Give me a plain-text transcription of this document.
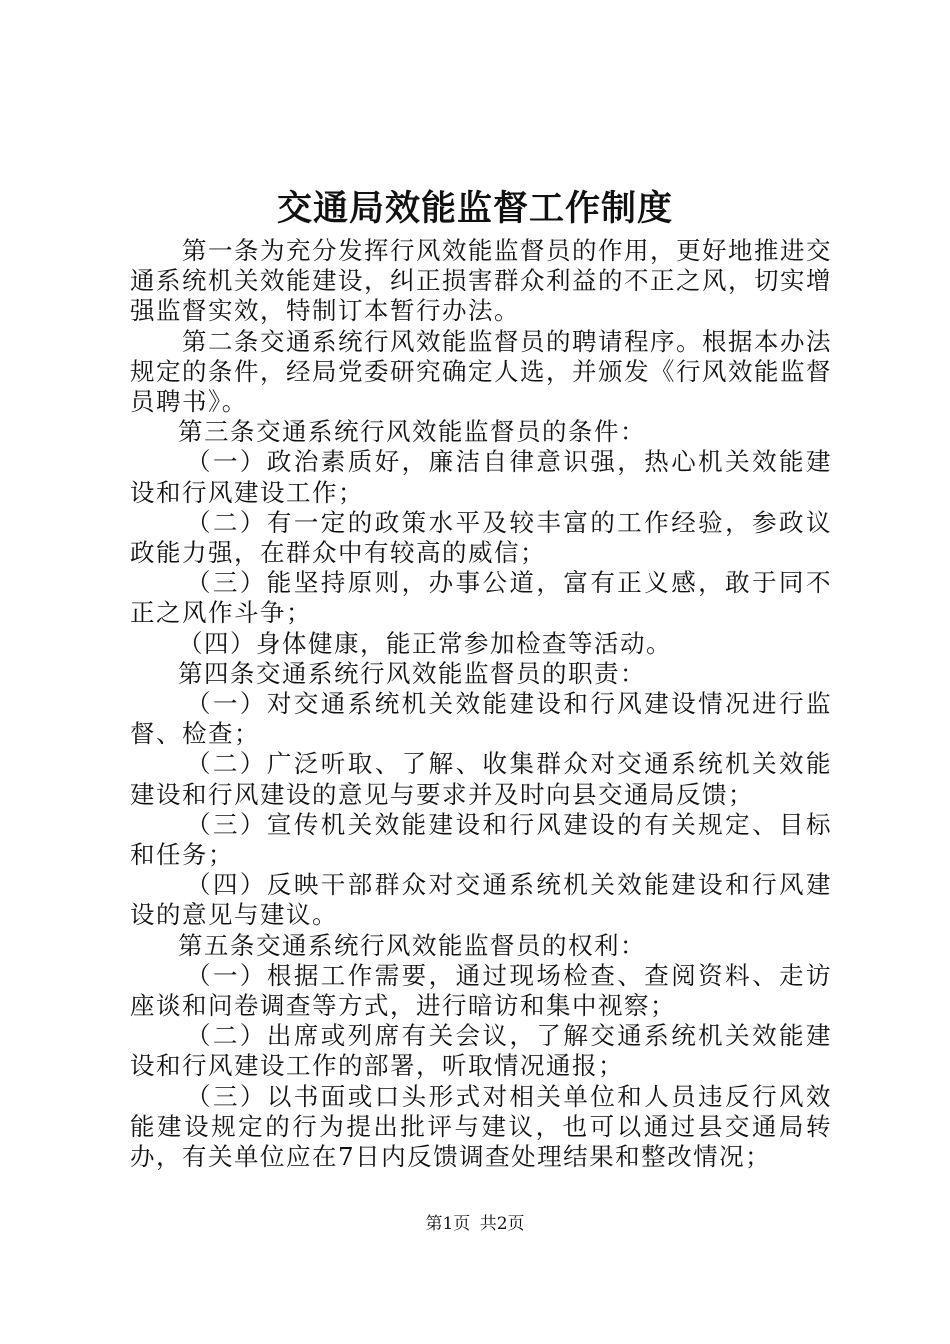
交通局效能监督工作制度

第一条为充分发挥行风效能监督员的作用，更好地推进交通系统机关效能建设，纠正损害群众利益的不正之风，切实增强监督实效，特制订本暂行办法。

第二条交通系统行风效能监督员的聘请程序。根据本办法规定的条件，经局党委研究确定人选，并颁发《行风效能监督员聘书》。

第三条交通系统行风效能监督员的条件：

（一）政治素质好，廉洁自律意识强，热心机关效能建设和行风建设工作；

（二）有一定的政策水平及较丰富的工作经验，参政议政能力强，在群众中有较高的威信；

（三）能坚持原则，办事公道，富有正义感，敢于同不正之风作斗争；

（四）身体健康，能正常参加检查等活动。

第四条交通系统行风效能监督员的职责：

（一）对交通系统机关效能建设和行风建设情况进行监督、检查；

（二）广泛听取、了解、收集群众对交通系统机关效能建设和行风建设的意见与要求并及时向县交通局反馈；

（三）宣传机关效能建设和行风建设的有关规定、目标和任务；

（四）反映干部群众对交通系统机关效能建设和行风建设的意见与建议。

第五条交通系统行风效能监督员的权利：

（一）根据工作需要，通过现场检查、查阅资料、走访座谈和问卷调查等方式，进行暗访和集中视察；

（二）出席或列席有关会议，了解交通系统机关效能建设和行风建设工作的部署，听取情况通报；

（三）以书面或口头形式对相关单位和人员违反行风效能建设规定的行为提出批评与建议，也可以通过县交通局转办，有关单位应在7日内反馈调查处理结果和整改情况；

第1页 共2页
